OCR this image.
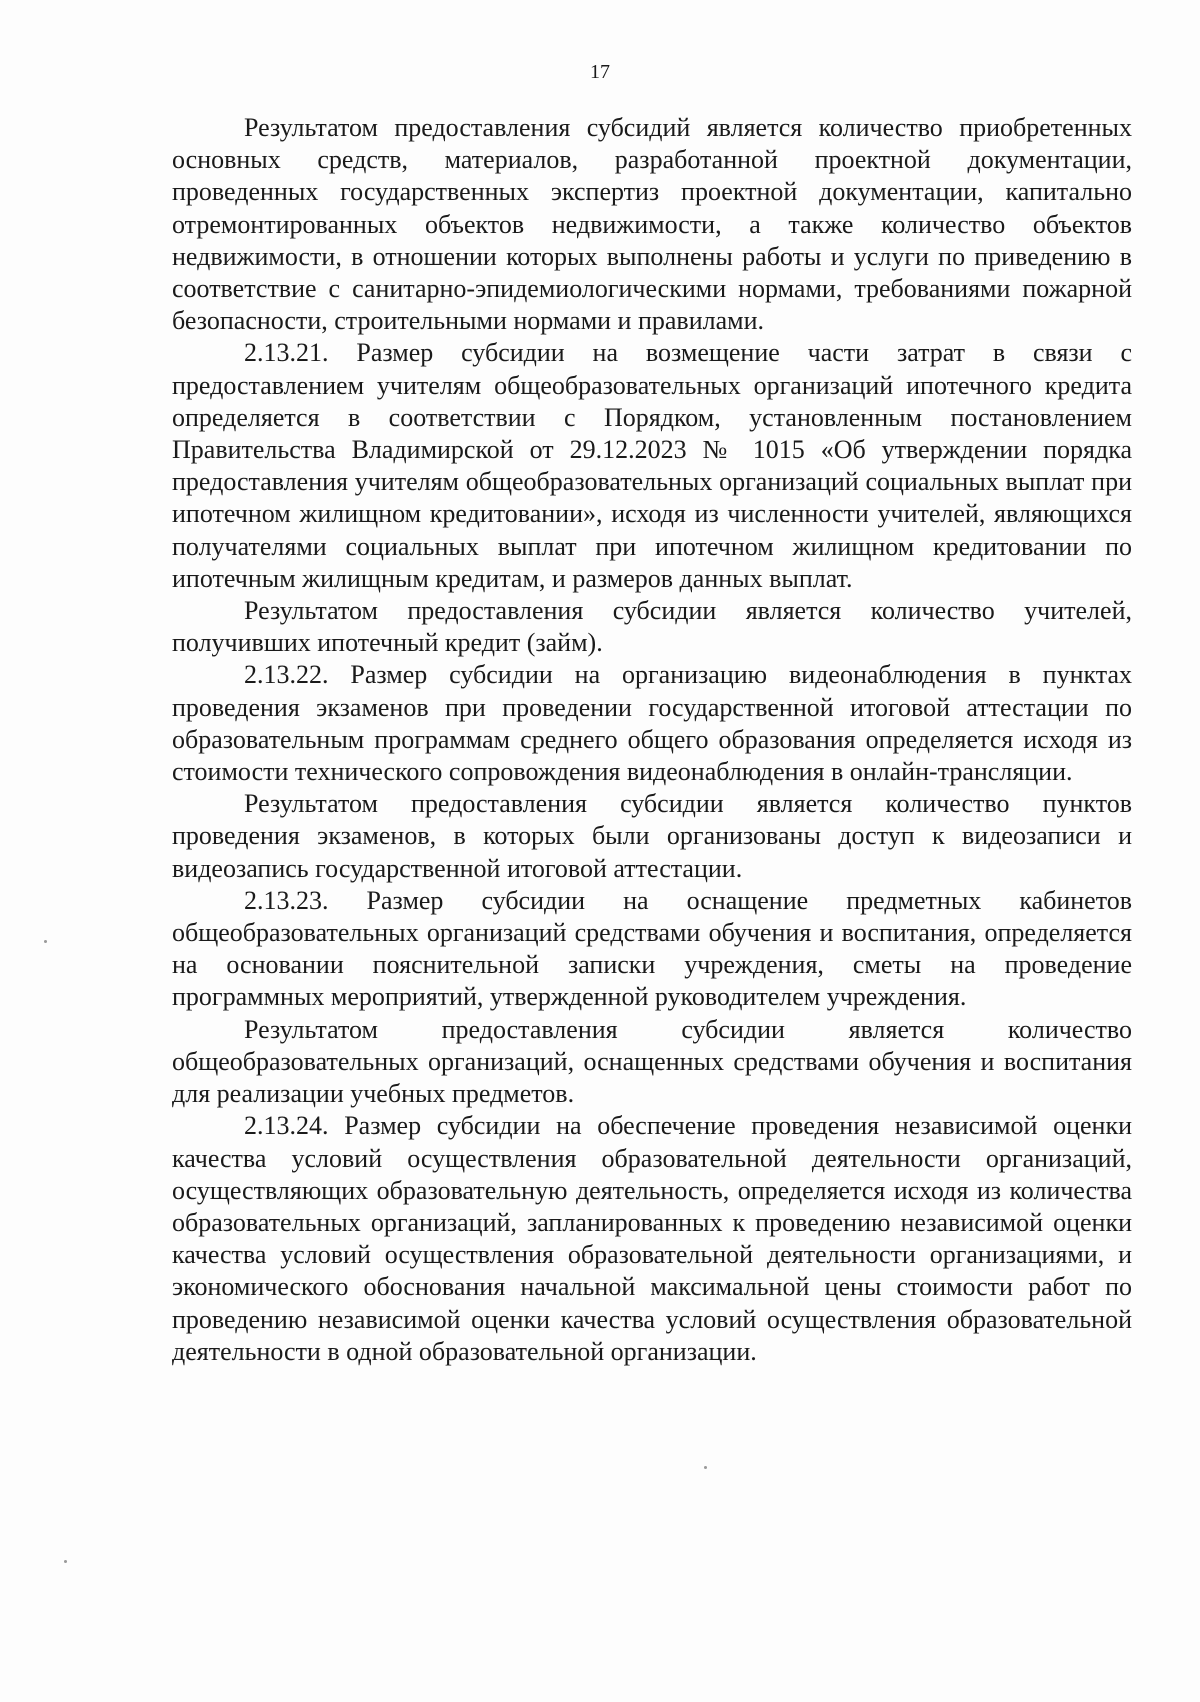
17

Результатом предоставления субсидий является количество приобретенных основных средств, материалов, разработанной проектной документации, проведенных государственных экспертиз проектной документации, капитально отремонтированных объектов недвижимости, а также количество объектов недвижимости, в отношении которых выполнены работы и услуги по приведению в соответствие с санитарно-эпидемиологическими нормами, требованиями пожарной безопасности, строительными нормами и правилами.

2.13.21. Размер субсидии на возмещение части затрат в связи с предоставлением учителям общеобразовательных организаций ипотечного кредита определяется в соответствии с Порядком, установленным постановлением Правительства Владимирской от 29.12.2023 № 1015 «Об утверждении порядка предоставления учителям общеобразовательных организаций социальных выплат при ипотечном жилищном кредитовании», исходя из численности учителей, являющихся получателями социальных выплат при ипотечном жилищном кредитовании по ипотечным жилищным кредитам, и размеров данных выплат.

Результатом предоставления субсидии является количество учителей, получивших ипотечный кредит (займ).

2.13.22. Размер субсидии на организацию видеонаблюдения в пунктах проведения экзаменов при проведении государственной итоговой аттестации по образовательным программам среднего общего образования определяется исходя из стоимости технического сопровождения видеонаблюдения в онлайн-трансляции.

Результатом предоставления субсидии является количество пунктов проведения экзаменов, в которых были организованы доступ к видеозаписи и видеозапись государственной итоговой аттестации.

2.13.23. Размер субсидии на оснащение предметных кабинетов общеобразовательных организаций средствами обучения и воспитания, определяется на основании пояснительной записки учреждения, сметы на проведение программных мероприятий, утвержденной руководителем учреждения.

Результатом предоставления субсидии является количество общеобразовательных организаций, оснащенных средствами обучения и воспитания для реализации учебных предметов.

2.13.24. Размер субсидии на обеспечение проведения независимой оценки качества условий осуществления образовательной деятельности организаций, осуществляющих образовательную деятельность, определяется исходя из количества образовательных организаций, запланированных к проведению независимой оценки качества условий осуществления образовательной деятельности организациями, и экономического обоснования начальной максимальной цены стоимости работ по проведению независимой оценки качества условий осуществления образовательной деятельности в одной образовательной организации.
